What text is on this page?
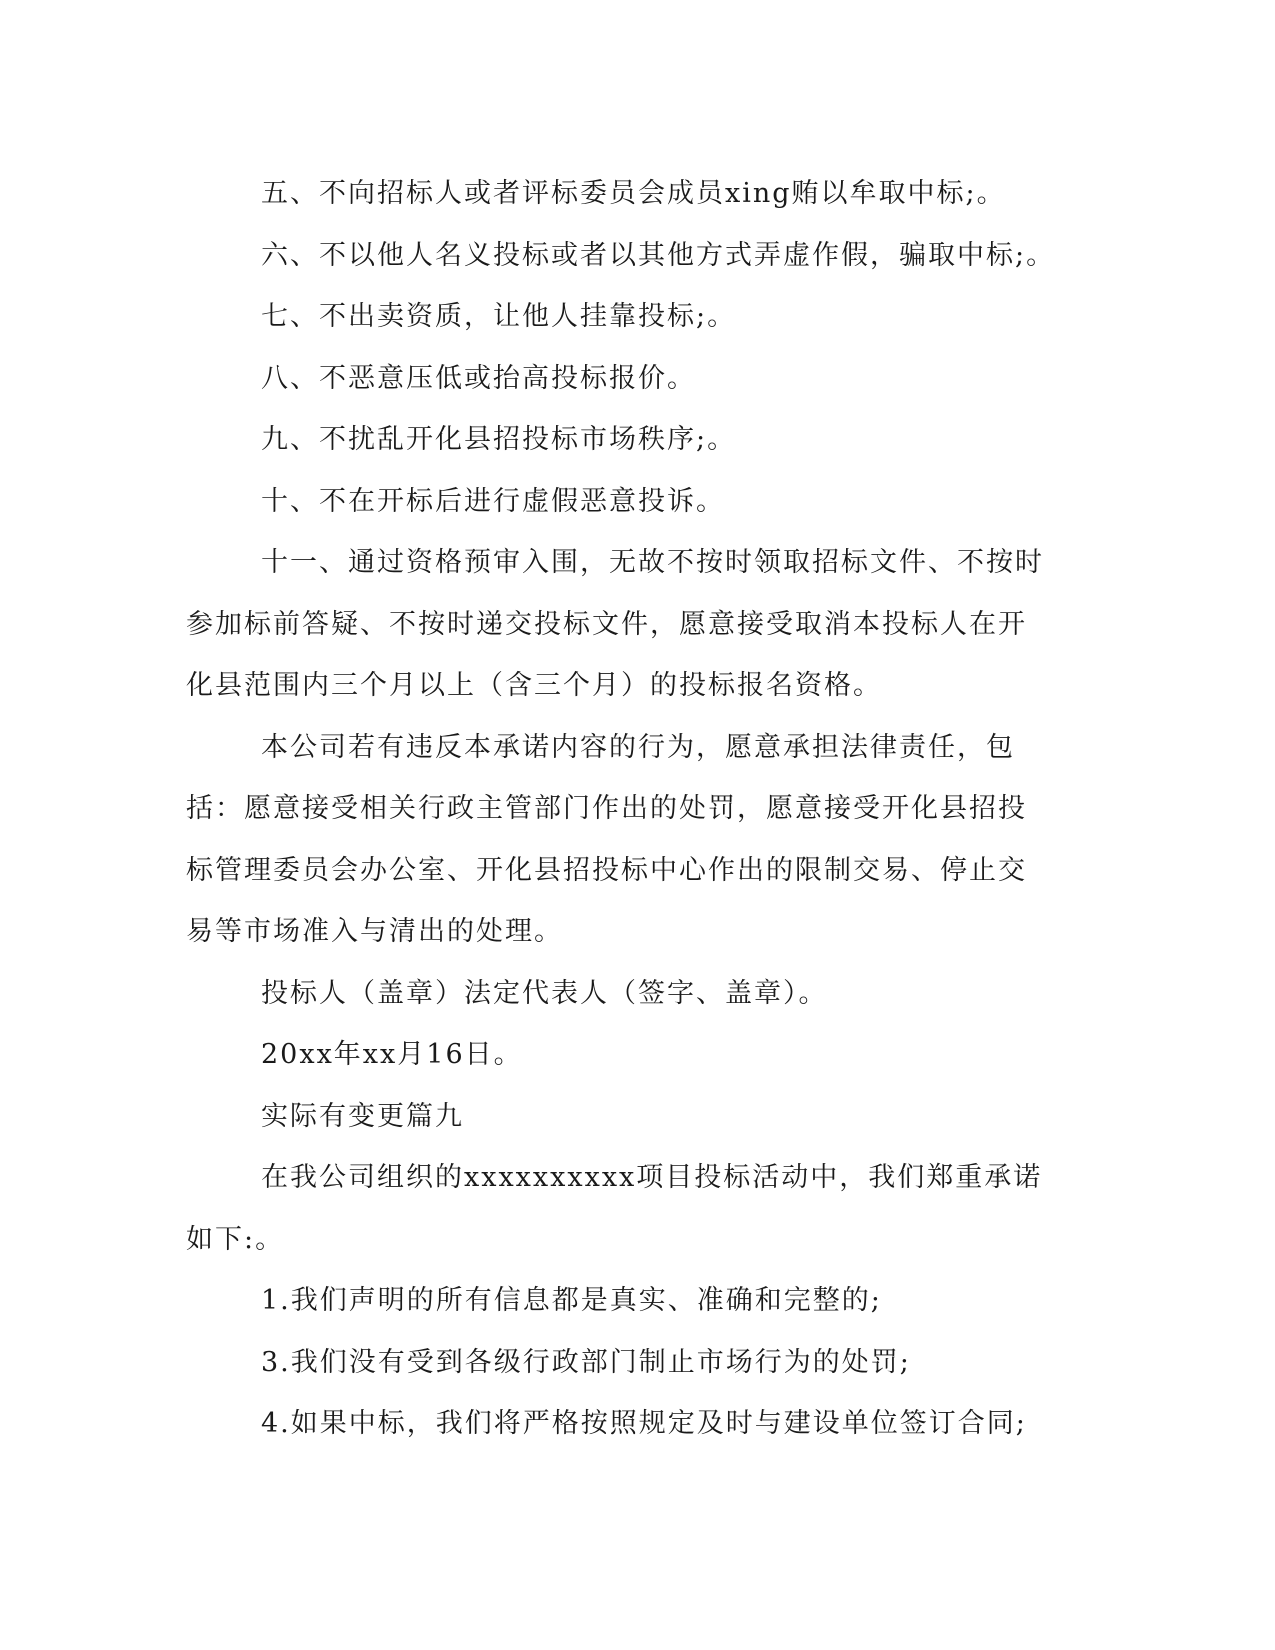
五、不向招标人或者评标委员会成员xing贿以牟取中标;。

六、不以他人名义投标或者以其他方式弄虚作假，骗取中标;。

七、不出卖资质，让他人挂靠投标;。

八、不恶意压低或抬高投标报价。

九、不扰乱开化县招投标市场秩序;。

十、不在开标后进行虚假恶意投诉。

十一、通过资格预审入围，无故不按时领取招标文件、不按时参加标前答疑、不按时递交投标文件，愿意接受取消本投标人在开化县范围内三个月以上（含三个月）的投标报名资格。

本公司若有违反本承诺内容的行为，愿意承担法律责任，包括：愿意接受相关行政主管部门作出的处罚，愿意接受开化县招投标管理委员会办公室、开化县招投标中心作出的限制交易、停止交易等市场准入与清出的处理。

投标人（盖章）法定代表人（签字、盖章）。

20xx年xx月16日。

实际有变更篇九

在我公司组织的xxxxxxxxxx项目投标活动中，我们郑重承诺如下:。

1.我们声明的所有信息都是真实、准确和完整的;

3.我们没有受到各级行政部门制止市场行为的处罚;

4.如果中标，我们将严格按照规定及时与建设单位签订合同;
